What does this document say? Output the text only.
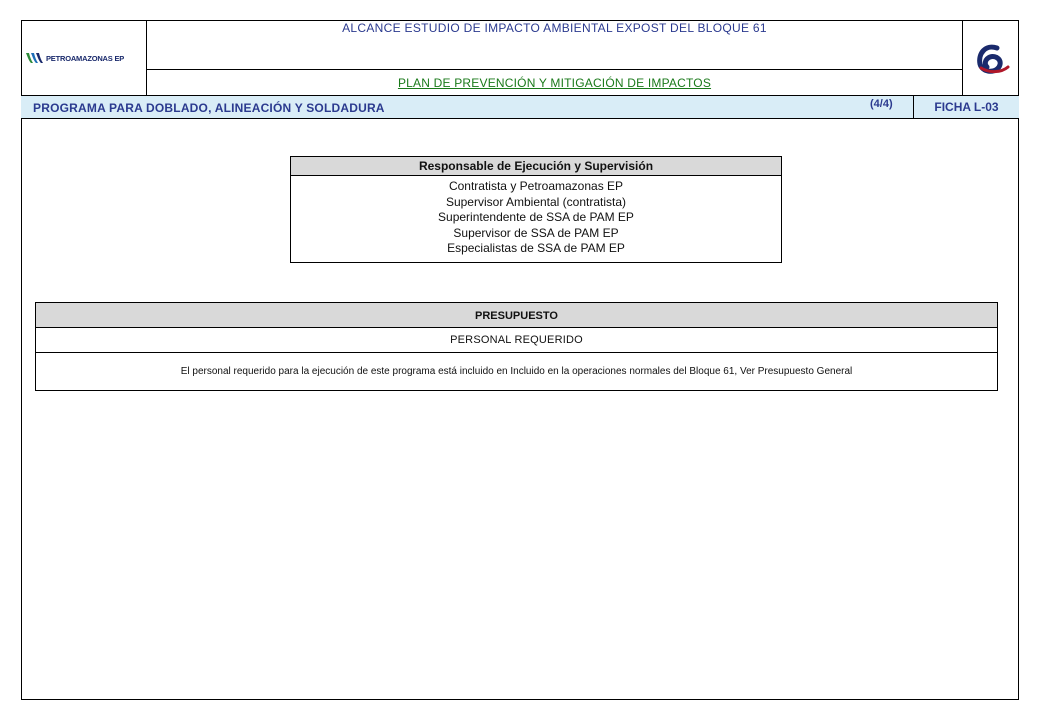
PETROAMAZONAS EP
ALCANCE ESTUDIO DE IMPACTO AMBIENTAL EXPOST DEL BLOQUE 61
PLAN DE PREVENCIÓN Y MITIGACIÓN DE IMPACTOS
PROGRAMA PARA DOBLADO, ALINEACIÓN Y SOLDADURA	(4/4)	FICHA L-03
Responsable de Ejecución y Supervisión
Contratista y Petroamazonas EP
Supervisor Ambiental (contratista)
Superintendente de SSA de PAM EP
Supervisor de SSA de PAM EP
Especialistas de SSA de PAM EP
PRESUPUESTO
PERSONAL REQUERIDO
El personal requerido para la ejecución de este programa está incluido en Incluido en la operaciones normales del Bloque 61, Ver Presupuesto General
